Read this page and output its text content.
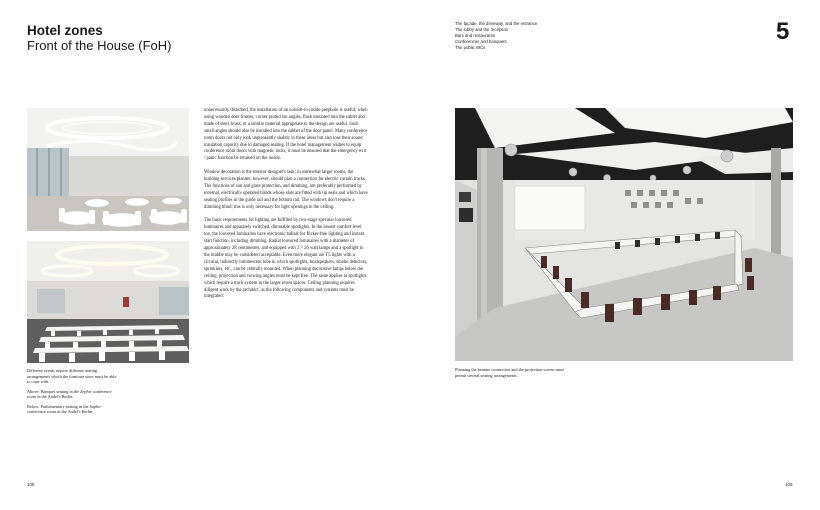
Hotel zones
Front of the House (FoH)
The façade, the driveway, and the entrance
The lobby and the reception
Bars and restaurants
Conferences and banquets
The public WCs
5

Different events require different seating arrangements which the furniture store must be able to cope with.

Above: Banquet seating in the Zephir conference room in the Andel's Berlin.

Below: Parliamentary seating in the Saphir conference room in the Andel's Berlin.

unnecessarily disturbed, the installation of an outside-to-inside peephole is useful; when using wooden door frames, corner protection angles, flush mounted into the sublet and made of steel, brass, or a similar material appropriate to the design are useful. Such small angles should also be installed into the sabbet of the door panel. Many conference room doors not only look unpleasantly shabby in these areas but also lose their sound insulation capacity due to damaged sealing. If the hotel management wishes to equip conference room doors with magnetic locks, it must be ensured that the emergency exit / panic function be retained on the inside.

Window decoration is the interior designer's task; in somewhat larger rooms, the building services planner, however, should plan a connection for electric curtain tracks. The functions of sun and glare protection, and dimming, are preferably performed by external, electrically operated blinds whose slats are fitted with lip seals and which have sealing profiles in the guide rail and the bottom rail. The windows don't require a dimming blind; this is only necessary for light openings in the ceiling.

The basic requirements for lighting are fulfilled by two-stage specular louvered luminaires and separately switched, dimmable spotlights. In the lowest comfort level too, the louvered luminaires have electronic ballast for flicker-free lighting and instant start function, including dimming. Radial louvered luminaires with a diameter of approximately 28 centimetres, and equipped with 2 × 26 watt lamps and a spotlight in the middle may be considered acceptable. Even more elegant are T5 lights with a circular, indirectly luminescent tube in which spotlights, loudspeakers, smoke detectors, sprinklers, etc., can be centrally mounted. When planning decorative lamps below the ceiling, projection and viewing angles must be kept free. The same applies to spotlights which require a track system in the larger event spaces. Ceiling planning requires diligent work by the architect, as the following components and systems must be integrated:

Planning the beamer connection and the projection screen must permit several seating arrangements.

108	109
